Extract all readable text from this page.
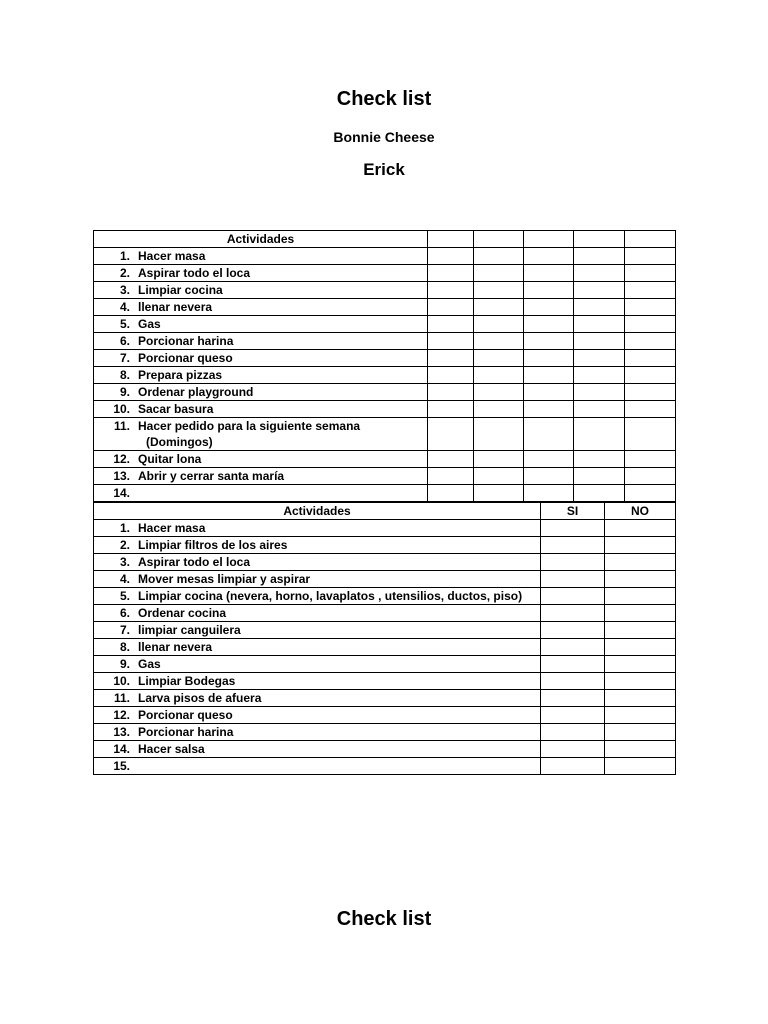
Check list
Bonnie Cheese
Erick
Actividades					
1. Hacer masa					
2. Aspirar todo el loca					
3. Limpiar cocina					
4. llenar nevera					
5. Gas					
6. Porcionar harina					
7. Porcionar queso					
8. Prepara pizzas					
9. Ordenar playground					
10. Sacar basura					
11. Hacer pedido para la siguiente semana
(Domingos)					

12. Quitar lona					
13. Abrir y cerrar santa maría					
14.					
Actividades	SI	NO
1. Hacer masa		
2. Limpiar filtros de los aires		
3. Aspirar todo el loca		
4. Mover mesas limpiar y aspirar		
5. Limpiar cocina (nevera, horno, lavaplatos , utensilios, ductos, piso)		
6. Ordenar cocina		
7. limpiar canguilera		
8. llenar nevera		
9. Gas		
10. Limpiar Bodegas		
11. Larva pisos de afuera		
12. Porcionar queso		
13. Porcionar harina		
14. Hacer salsa		
15.		
Check list
